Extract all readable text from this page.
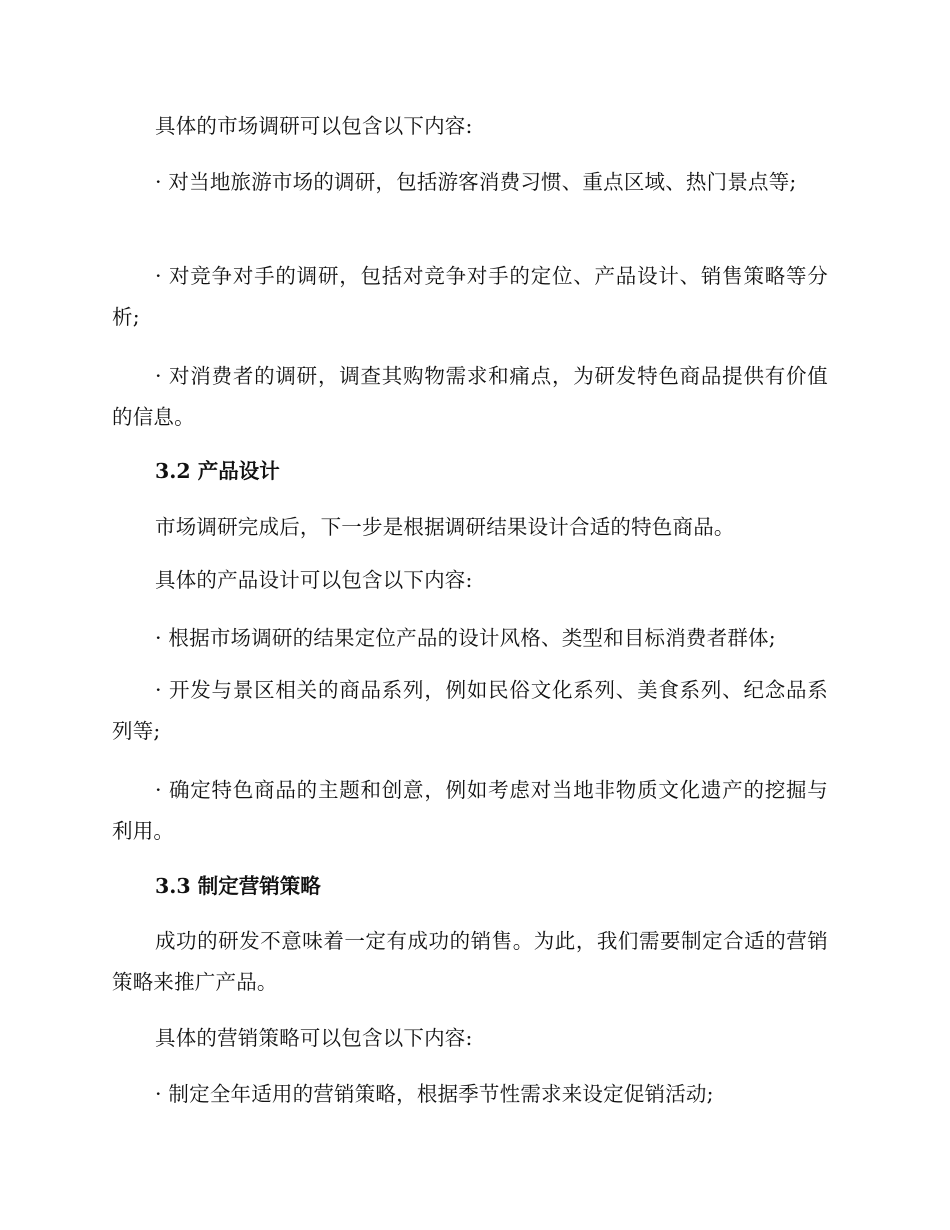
具体的市场调研可以包含以下内容:

· 对当地旅游市场的调研，包括游客消费习惯、重点区域、热门景点等;

· 对竞争对手的调研，包括对竞争对手的定位、产品设计、销售策略等分析;

· 对消费者的调研，调查其购物需求和痛点，为研发特色商品提供有价值的信息。

3.2 产品设计

市场调研完成后，下一步是根据调研结果设计合适的特色商品。

具体的产品设计可以包含以下内容:

· 根据市场调研的结果定位产品的设计风格、类型和目标消费者群体;

· 开发与景区相关的商品系列，例如民俗文化系列、美食系列、纪念品系列等;

· 确定特色商品的主题和创意，例如考虑对当地非物质文化遗产的挖掘与利用。

3.3 制定营销策略

成功的研发不意味着一定有成功的销售。为此，我们需要制定合适的营销策略来推广产品。

具体的营销策略可以包含以下内容:

· 制定全年适用的营销策略，根据季节性需求来设定促销活动;
